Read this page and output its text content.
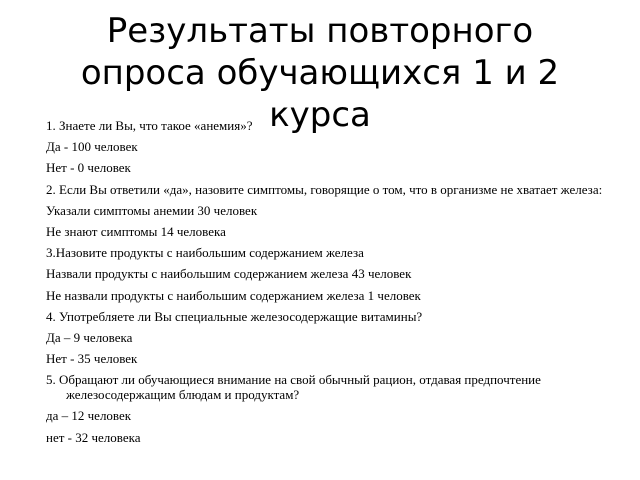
Результаты повторного опроса обучающихся 1 и 2 курса

1. Знаете ли Вы, что такое «анемия»?

Да - 100 человек

Нет - 0 человек

2. Если Вы ответили «да», назовите симптомы, говорящие о том, что в организме не хватает железа:

Указали симптомы анемии 30 человек

Не знают симптомы 14 человека

3.Назовите продукты с наибольшим содержанием железа

Назвали продукты с наибольшим содержанием железа 43 человек

Не назвали продукты с наибольшим содержанием железа 1 человек

4. Употребляете ли Вы специальные железосодержащие витамины?

Да – 9 человека

Нет - 35 человек

5. Обращают ли обучающиеся внимание на свой обычный рацион, отдавая предпочтение железосодержащим блюдам и продуктам?

да – 12 человек

нет - 32 человека
